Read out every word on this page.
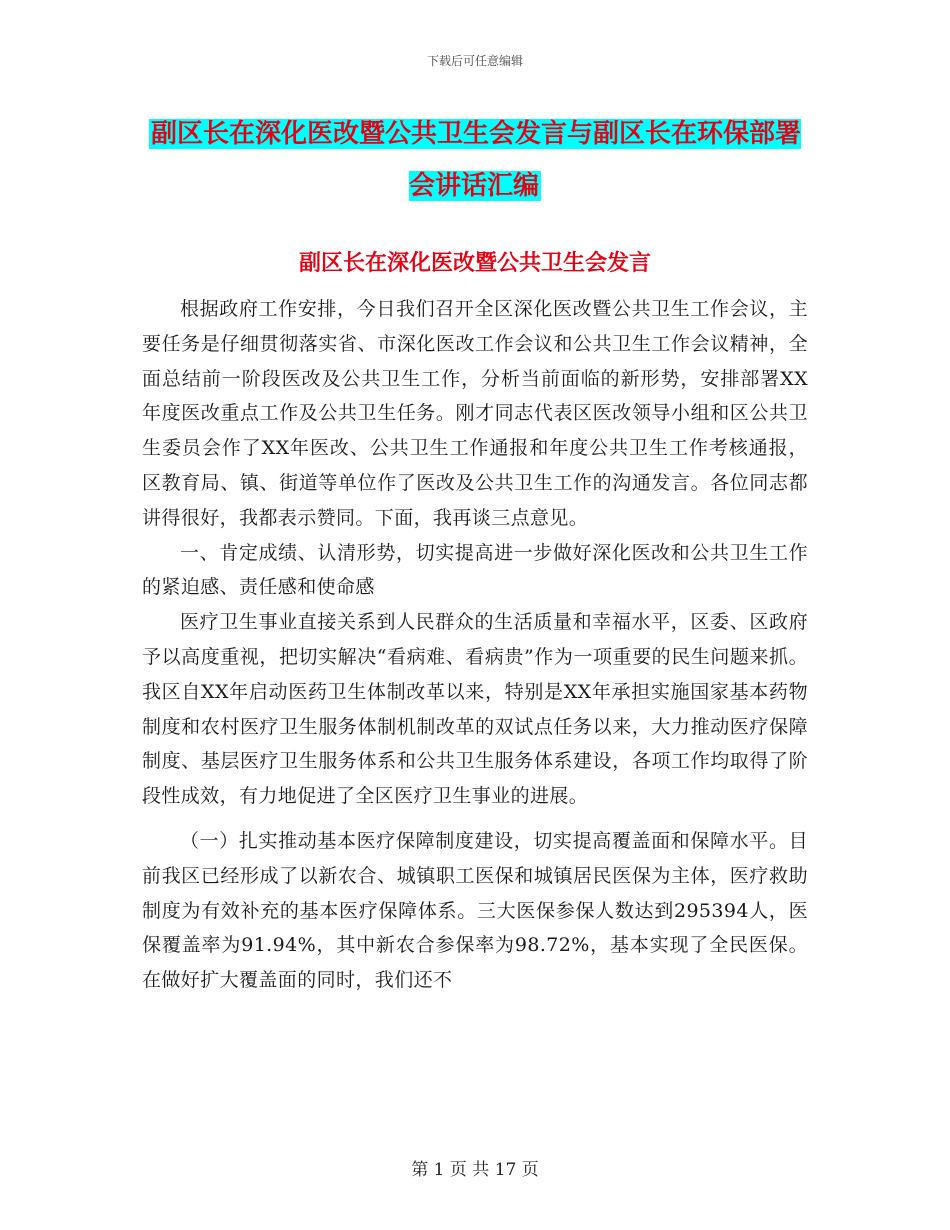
下载后可任意编辑
副区长在深化医改暨公共卫生会发言与副区长在环保部署会讲话汇编
副区长在深化医改暨公共卫生会发言

根据政府工作安排，今日我们召开全区深化医改暨公共卫生工作会议，主要任务是仔细贯彻落实省、市深化医改工作会议和公共卫生工作会议精神，全面总结前一阶段医改及公共卫生工作，分析当前面临的新形势，安排部署XX年度医改重点工作及公共卫生任务。刚才同志代表区医改领导小组和区公共卫生委员会作了XX年医改、公共卫生工作通报和年度公共卫生工作考核通报，区教育局、镇、街道等单位作了医改及公共卫生工作的沟通发言。各位同志都讲得很好，我都表示赞同。下面，我再谈三点意见。

一、肯定成绩、认清形势，切实提高进一步做好深化医改和公共卫生工作的紧迫感、责任感和使命感

医疗卫生事业直接关系到人民群众的生活质量和幸福水平，区委、区政府予以高度重视，把切实解决“看病难、看病贵”作为一项重要的民生问题来抓。我区自XX年启动医药卫生体制改革以来，特别是XX年承担实施国家基本药物制度和农村医疗卫生服务体制机制改革的双试点任务以来，大力推动医疗保障制度、基层医疗卫生服务体系和公共卫生服务体系建设，各项工作均取得了阶段性成效，有力地促进了全区医疗卫生事业的进展。

（一）扎实推动基本医疗保障制度建设，切实提高覆盖面和保障水平。目前我区已经形成了以新农合、城镇职工医保和城镇居民医保为主体，医疗救助制度为有效补充的基本医疗保障体系。三大医保参保人数达到295394人，医保覆盖率为91.94%，其中新农合参保率为98.72%，基本实现了全民医保。在做好扩大覆盖面的同时，我们还不

第 1 页 共 17 页
